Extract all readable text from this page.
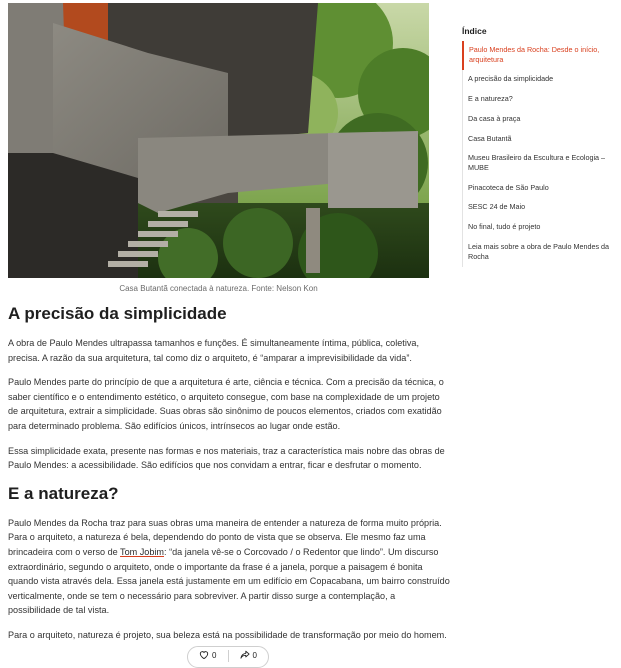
Casa Butantã conectada à natureza. Fonte: Nelson Kon
A precisão da simplicidade

A obra de Paulo Mendes ultrapassa tamanhos e funções. É simultaneamente íntima, pública, coletiva, precisa. A razão da sua arquitetura, tal como diz o arquiteto, é “amparar a imprevisibilidade da vida”.

Paulo Mendes parte do princípio de que a arquitetura é arte, ciência e técnica. Com a precisão da técnica, o saber científico e o entendimento estético, o arquiteto consegue, com base na complexidade de um projeto de arquitetura, extrair a simplicidade. Suas obras são sinônimo de poucos elementos, criados com exatidão para determinado problema. São edifícios únicos, intrínsecos ao lugar onde estão.

Essa simplicidade exata, presente nas formas e nos materiais, traz a característica mais nobre das obras de Paulo Mendes: a acessibilidade. São edifícios que nos convidam a entrar, ficar e desfrutar o momento.

E a natureza?

Paulo Mendes da Rocha traz para suas obras uma maneira de entender a natureza de forma muito própria. Para o arquiteto, a natureza é bela, dependendo do ponto de vista que se observa. Ele mesmo faz uma brincadeira com o verso de Tom Jobim: “da janela vê-se o Corcovado / o Redentor que lindo”. Um discurso extraordinário, segundo o arquiteto, onde o importante da frase é a janela, porque a paisagem é bonita quando vista através dela. Essa janela está justamente em um edifício em Copacabana, um bairro construído verticalmente, onde se tem o necessário para sobreviver. A partir disso surge a contemplação, a possibilidade de tal vista.

Para o arquiteto, natureza é projeto, sua beleza está na possibilidade de transformação por meio do homem.

Índice
Paulo Mendes da Rocha: Desde o início, arquitetura
A precisão da simplicidade
E a natureza?
Da casa à praça
Casa Butantã
Museu Brasileiro da Escultura e Ecologia – MUBE
Pinacoteca de São Paulo
SESC 24 de Maio
No final, tudo é projeto
Leia mais sobre a obra de Paulo Mendes da Rocha
0	0
